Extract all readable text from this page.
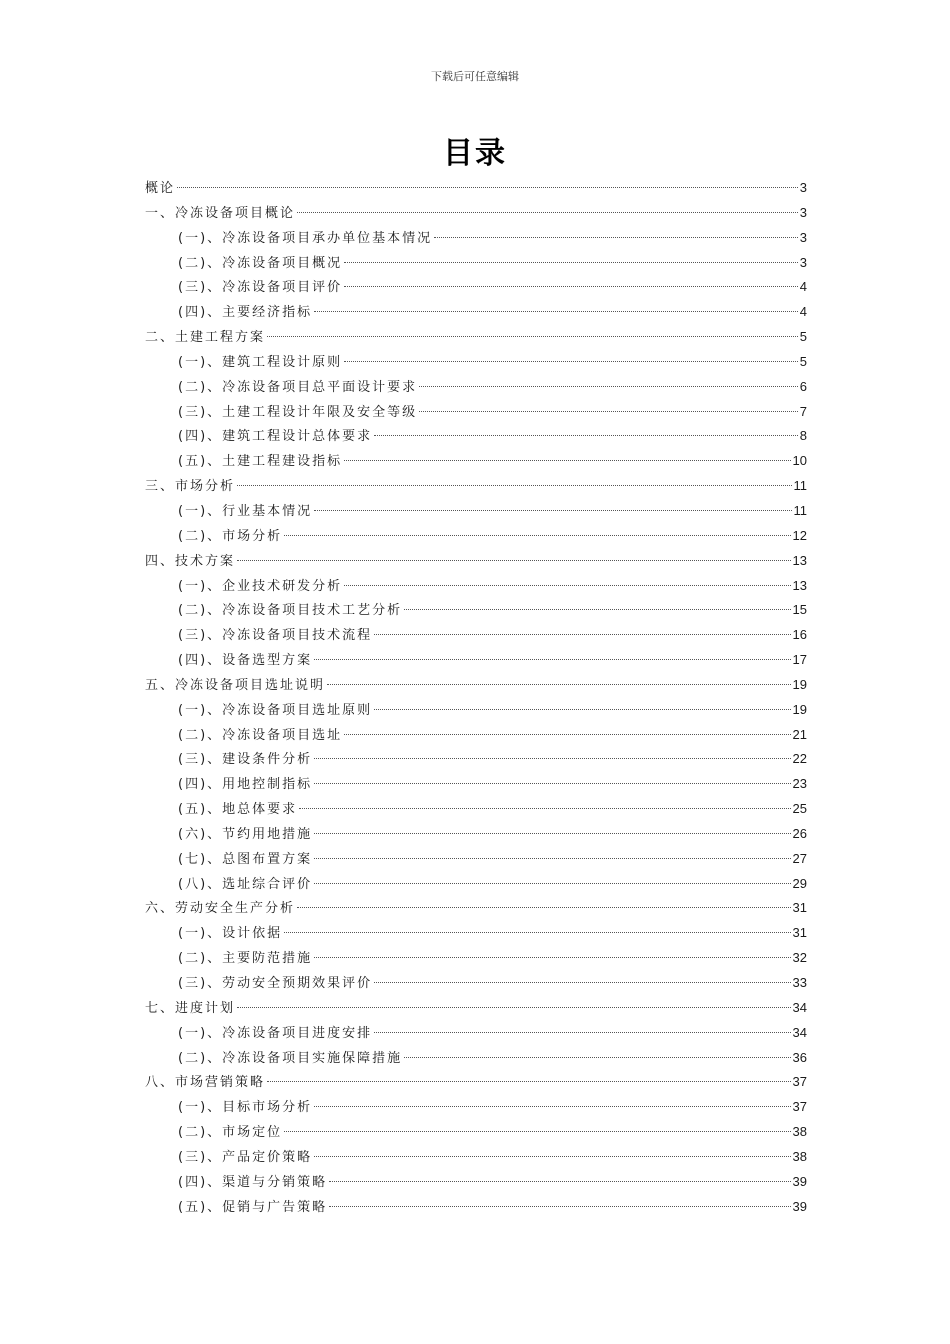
下载后可任意编辑
目录
概论	3
一、冷冻设备项目概论	3
(一)、冷冻设备项目承办单位基本情况	3
(二)、冷冻设备项目概况	3
(三)、冷冻设备项目评价	4
(四)、主要经济指标	4
二、土建工程方案	5
(一)、建筑工程设计原则	5
(二)、冷冻设备项目总平面设计要求	6
(三)、土建工程设计年限及安全等级	7
(四)、建筑工程设计总体要求	8
(五)、土建工程建设指标	10
三、市场分析	11
(一)、行业基本情况	11
(二)、市场分析	12
四、技术方案	13
(一)、企业技术研发分析	13
(二)、冷冻设备项目技术工艺分析	15
(三)、冷冻设备项目技术流程	16
(四)、设备选型方案	17
五、冷冻设备项目选址说明	19
(一)、冷冻设备项目选址原则	19
(二)、冷冻设备项目选址	21
(三)、建设条件分析	22
(四)、用地控制指标	23
(五)、地总体要求	25
(六)、节约用地措施	26
(七)、总图布置方案	27
(八)、选址综合评价	29
六、劳动安全生产分析	31
(一)、设计依据	31
(二)、主要防范措施	32
(三)、劳动安全预期效果评价	33
七、进度计划	34
(一)、冷冻设备项目进度安排	34
(二)、冷冻设备项目实施保障措施	36
八、市场营销策略	37
(一)、目标市场分析	37
(二)、市场定位	38
(三)、产品定价策略	38
(四)、渠道与分销策略	39
(五)、促销与广告策略	39
